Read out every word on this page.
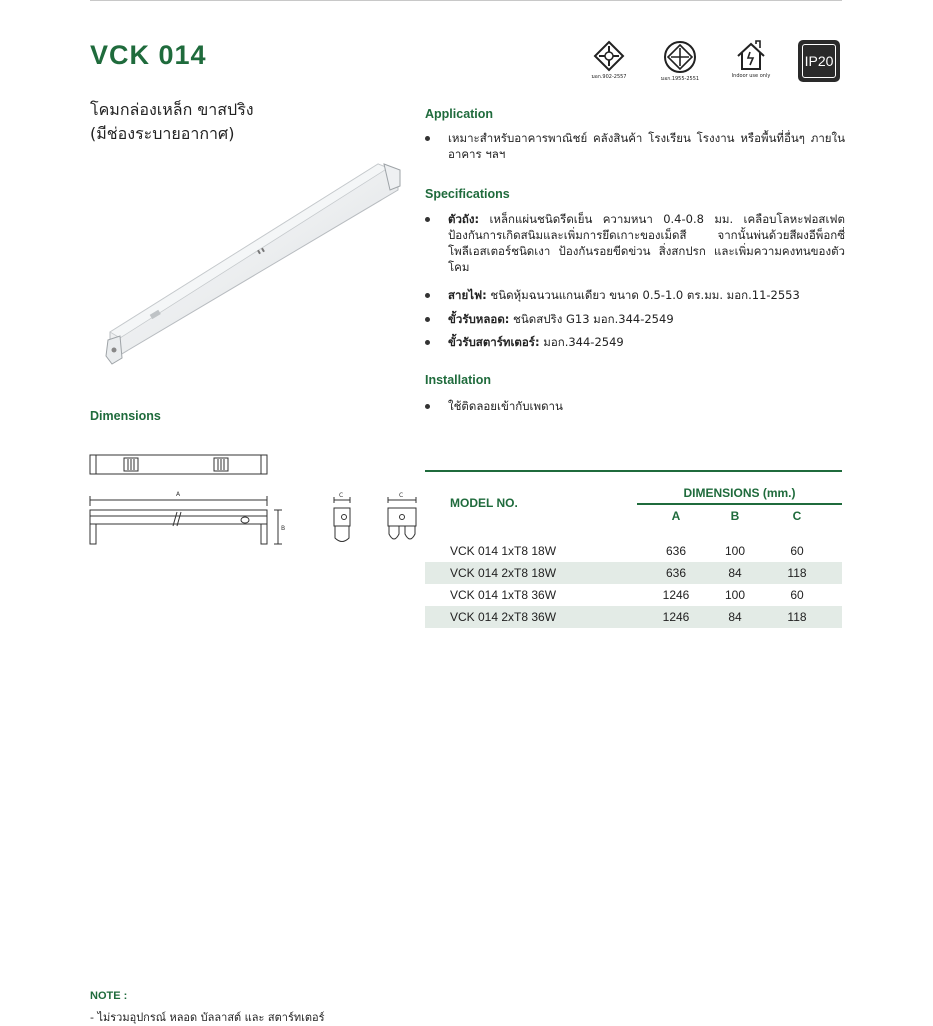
VCK 014
มอก.902-2557	มอก.1955-2551	Indoor use only
IP20
โคมกล่องเหล็ก ขาสปริง
(มีช่องระบายอากาศ)
Application
เหมาะสำหรับอาคารพาณิชย์ คลังสินค้า โรงเรียน โรงงาน หรือพื้นที่อื่นๆ ภายในอาคาร ฯลฯ
Specifications
ตัวถัง: เหล็กแผ่นชนิดรีดเย็น ความหนา 0.4-0.8 มม. เคลือบโลหะฟอสเฟต ป้องกันการเกิดสนิมและเพิ่มการยึดเกาะของเม็ดสี จากนั้นพ่นด้วยสีผงอีพ็อกซี่ โพลีเอสเตอร์ชนิดเงา ป้องกันรอยขีดข่วน สิ่งสกปรก และเพิ่มความคงทนของตัวโคม
สายไฟ: ชนิดหุ้มฉนวนแกนเดียว ขนาด 0.5-1.0 ตร.มม. มอก.11-2553
ขั้วรับหลอด: ชนิดสปริง G13 มอก.344-2549
ขั้วรับสตาร์ทเตอร์: มอก.344-2549
Installation
ใช้ติดลอยเข้ากับเพดาน
Dimensions
A
B
C	C
MODEL NO.
DIMENSIONS (mm.)
A	B	C
VCK 014 1xT8 18W	636	100	60
VCK 014 2xT8 18W	636	84	118
VCK 014 1xT8 36W	1246	100	60
VCK 014 2xT8 36W	1246	84	118
NOTE :
- ไม่รวมอุปกรณ์ หลอด บัลลาสต์ และ สตาร์ทเตอร์
